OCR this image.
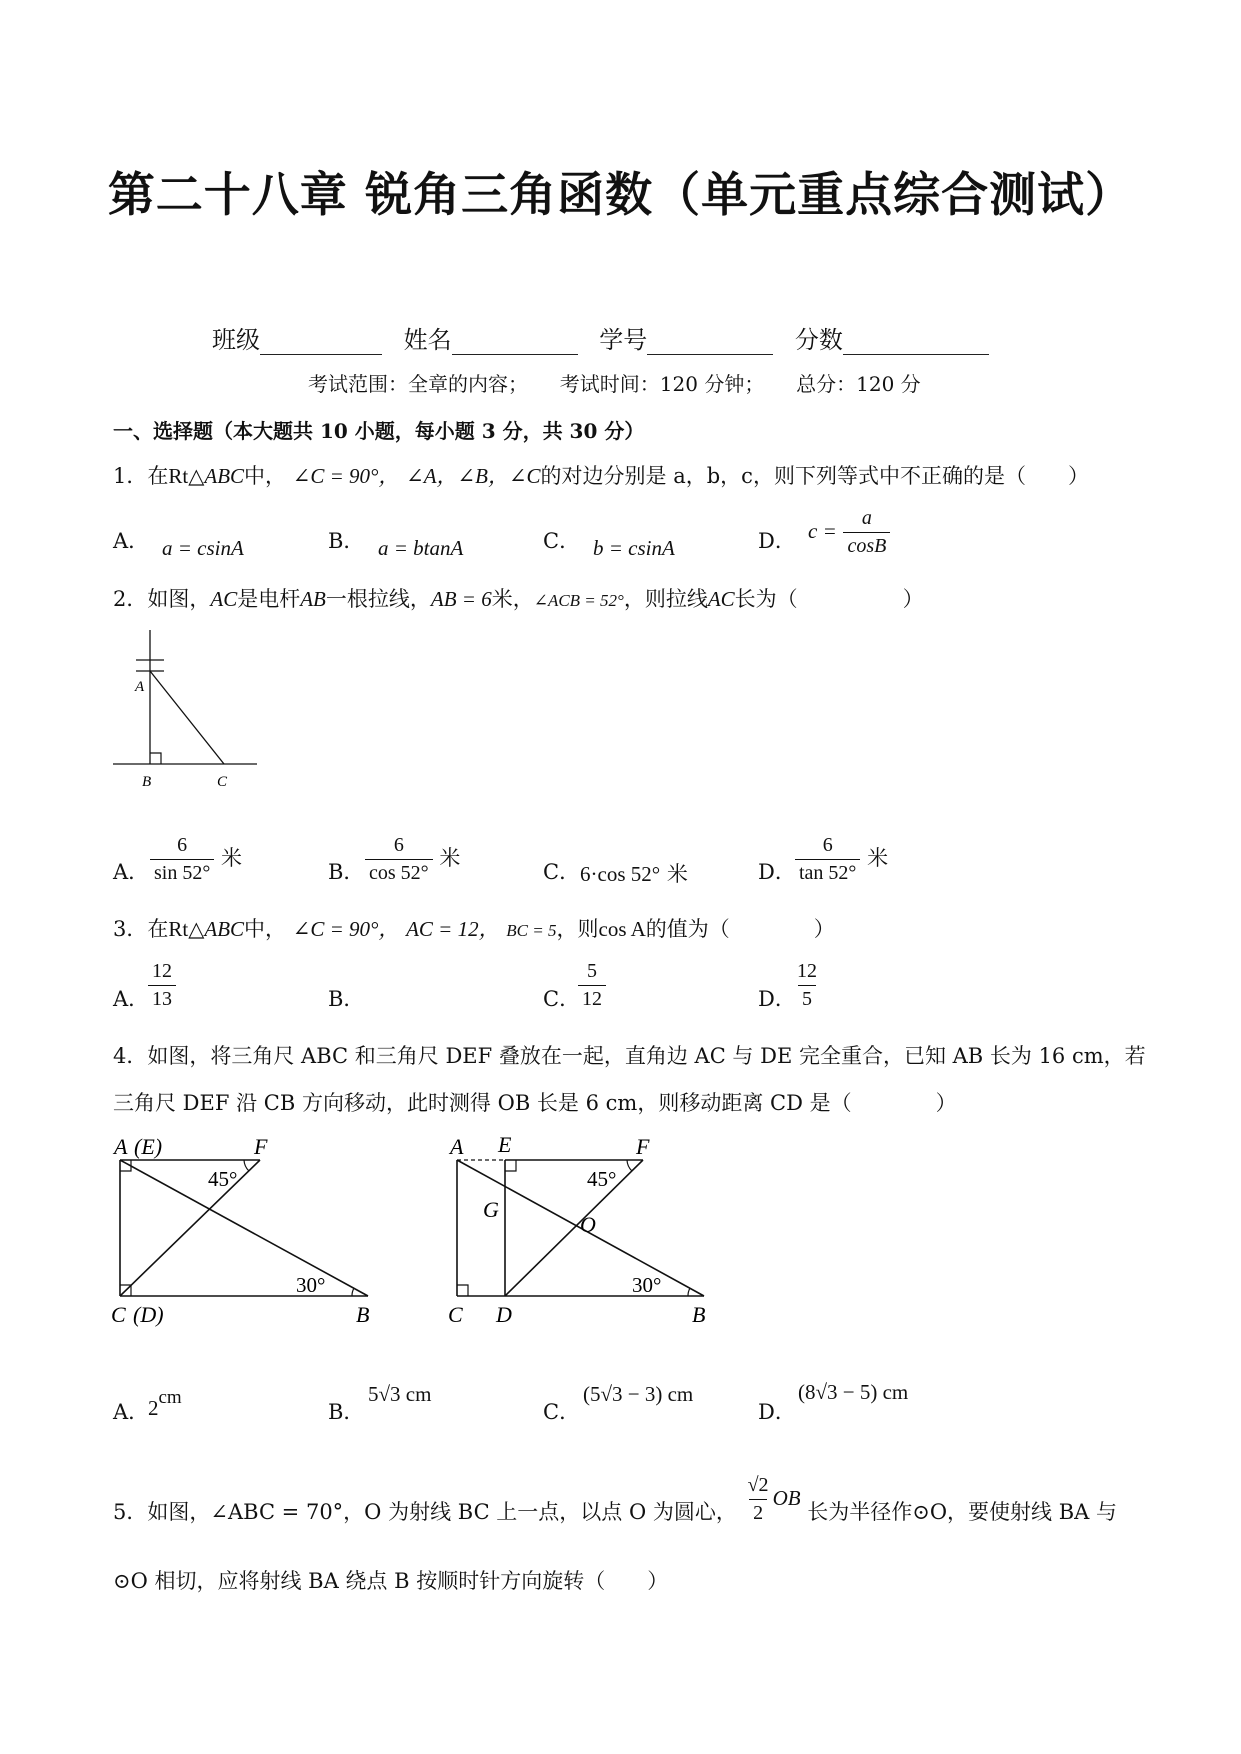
第二十八章 锐角三角函数（单元重点综合测试）
班级	姓名	学号	分数
考试范围：全章的内容； 考试时间：120 分钟； 总分：120 分
一、选择题（本大题共 10 小题，每小题 3 分，共 30 分）
1．在Rt△ABC中， ∠C = 90°， ∠A，∠B，∠C的对边分别是 a，b，c，则下列等式中不正确的是（　　）
A． a = csinA	B． a = btanA	C． b = csinA	D． $c = \frac{a}{\cos B}$
2．如图，AC是电杆AB一根拉线，AB = 6米，∠ACB = 52°，则拉线AC长为（　　　　　）
A
B	C
A． $\frac{6}{\sin 52^\circ}$ 米
B． $\frac{6}{\cos 52^\circ}$ 米
C． 6·cos 52° 米	D． $\frac{6}{\tan 52^\circ}$ 米
3．在Rt△ABC中， ∠C = 90°， AC = 12， BC = 5，则cos A的值为（　　　　）
A．
$\frac{12}{13}$	B．	C．
$\frac{5}{12}$	D．
$\frac{12}{5}$
4．如图，将三角尺 ABC 和三角尺 DEF 叠放在一起，直角边 AC 与 DE 完全重合，已知 AB 长为 16 cm，若
三角尺 DEF 沿 CB 方向移动，此时测得 OB 长是 6 cm，则移动距离 CD 是（　　　　）
A (E)	F
45°
30°
C (D)	B
A E	F
45°
G
O
30°
C D	B
A．
2cm
B．
5√3 cm
C．
(5√3 − 3) cm
D．
(8√3 − 5) cm
5．如图，∠ABC = 70°，O 为射线 BC 上一点，以点 O 为圆心， $\frac{√2}{2}$ OB 长为半径作⊙O，要使射线 BA 与
⊙O 相切，应将射线 BA 绕点 B 按顺时针方向旋转（　　）
